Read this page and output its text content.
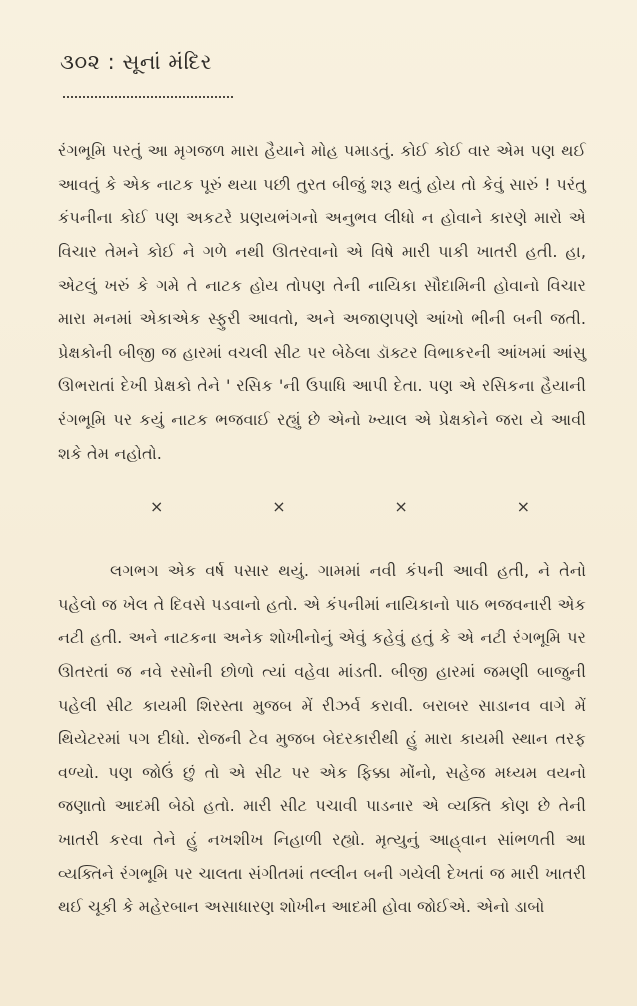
૩૦૨ : સૂનાં મંદિર

રંગભૂમિ પરતું આ મૃગજળ મારા હૈયાને મોહ પમાડતું. કોઈ કોઈ વાર એમ પણ થઈ આવતું કે એક નાટક પૂરું થયા પછી તુરત બીજું શરૂ થતું હોય તો કેવું સારું ! પરંતુ કંપનીના કોઈ પણ અકટરે પ્રણયભંગનો અનુભવ લીધો ન હોવાને કારણે મારો એ વિચાર તેમને કોઈ ને ગળે નથી ઊતરવાનો એ વિષે મારી પાકી ખાતરી હતી. હા, એટલું ખરું કે ગમે તે નાટક હોય તોપણ તેની નાયિકા સૌદામિની હોવાનો વિચાર મારા મનમાં એકાએક સ્ફુરી આવતો, અને અજાણપણે આંખો ભીની બની જતી. પ્રેક્ષકોની બીજી જ હારમાં વચલી સીટ પર બેઠેલા ડૉક્ટર વિભાકરની આંખમાં આંસુ ઊભરાતાં દેખી પ્રેક્ષકો તેને ' રસિક 'ની ઉપાધિ આપી દેતા. પણ એ રસિકના હૈયાની રંગભૂમિ પર કયું નાટક ભજવાઈ રહ્યું છે એનો ખ્યાલ એ પ્રેક્ષકોને જરા યે આવી શકે તેમ નહોતો.

×	×	×	×

લગભગ એક વર્ષ પસાર થયું. ગામમાં નવી કંપની આવી હતી, ને તેનો પહેલો જ ખેલ તે દિવસે પડવાનો હતો. એ કંપનીમાં નાયિકાનો પાઠ ભજવનારી એક નટી હતી. અને નાટકના અનેક શોખીનોનું એવું કહેવું હતું કે એ નટી રંગભૂમિ પર ઊતરતાં જ નવે રસોની છોળો ત્યાં વહેવા માંડતી. બીજી હારમાં જમણી બાજુની પહેલી સીટ કાયમી શિરસ્તા મુજબ મેં રીઝર્વ કરાવી. બરાબર સાડાનવ વાગે મેં થિયેટરમાં પગ દીધો. રોજની ટેવ મુજબ બેદરકારીથી હું મારા કાયમી સ્થાન તરફ વળ્યો. પણ જોઉં છું તો એ સીટ પર એક ફિક્કા મોંનો, સહેજ મધ્યમ વયનો જણાતો આદમી બેઠો હતો. મારી સીટ પચાવી પાડનાર એ વ્યક્તિ કોણ છે તેની ખાતરી કરવા તેને હું નખશીખ નિહાળી રહ્યો. મૃત્યુનું આહ્‌વાન સાંભળતી આ વ્યક્તિને રંગભૂમિ પર ચાલતા સંગીતમાં તલ્લીન બની ગયેલી દેખતાં જ મારી ખાતરી થઈ ચૂકી કે મહેરબાન અસાધારણ શોખીન આદમી હોવા જોઈએ. એનો ડાબો
